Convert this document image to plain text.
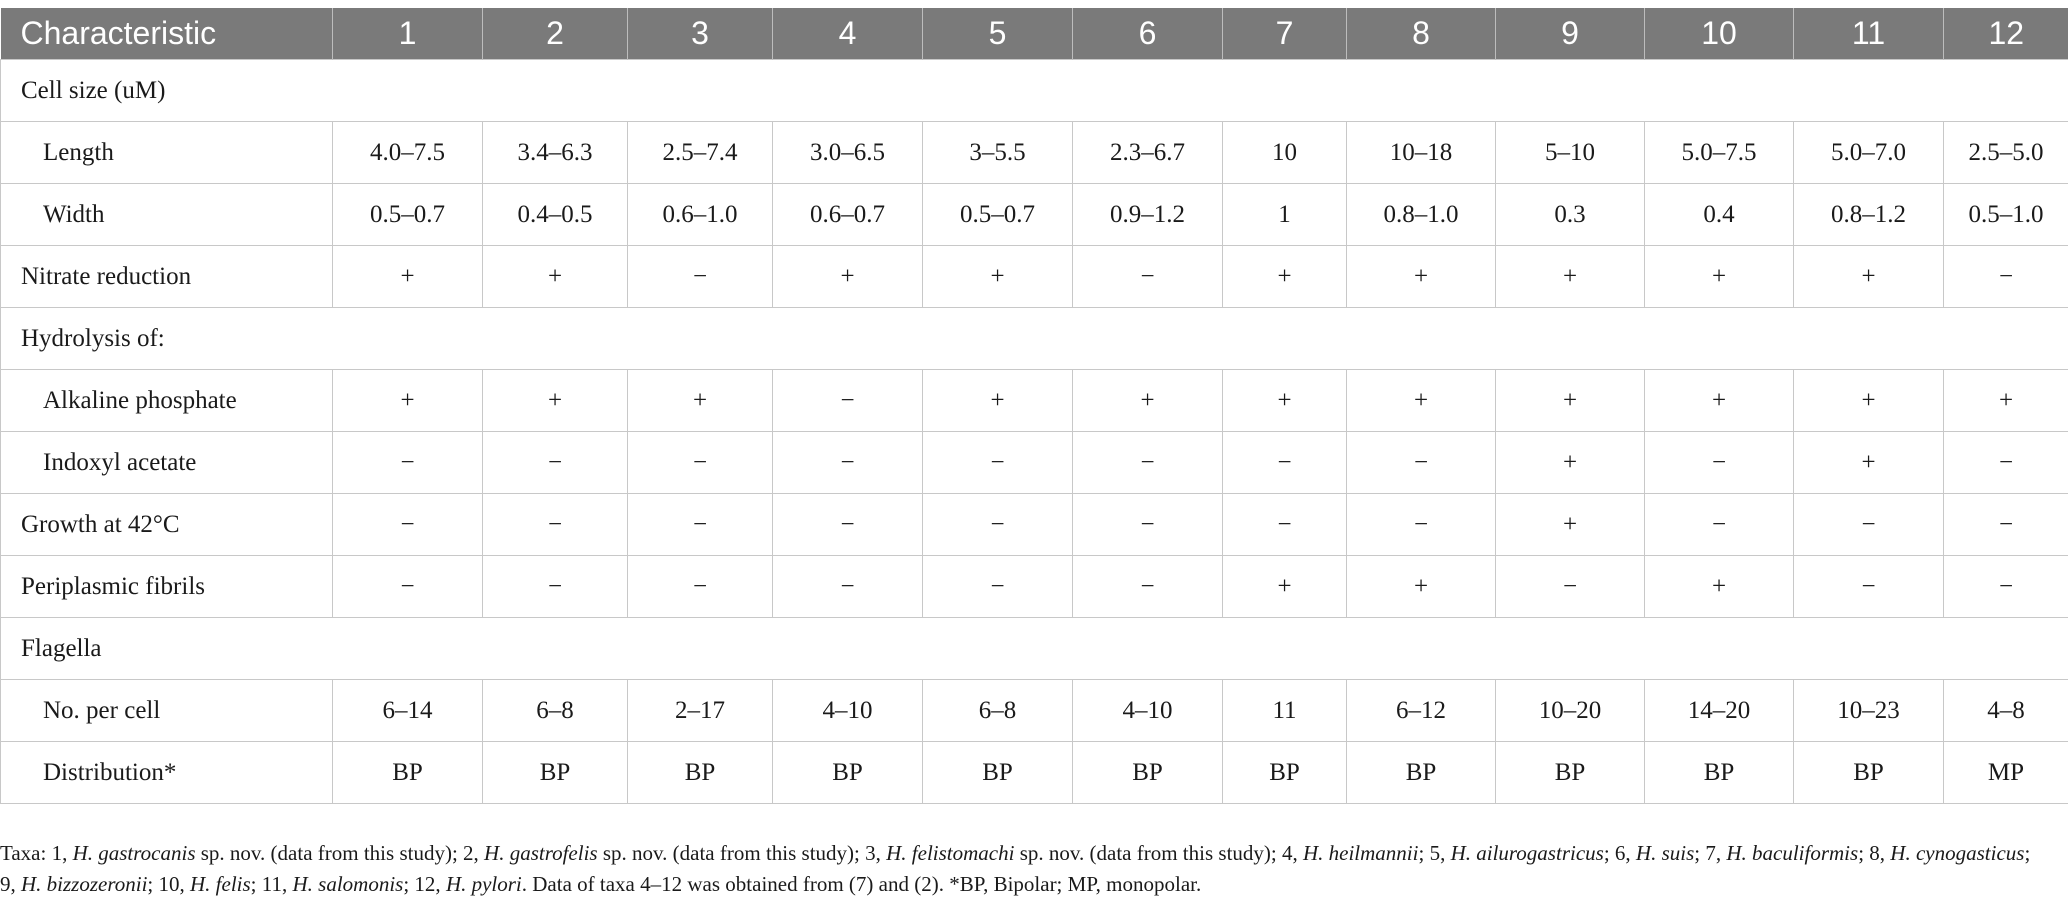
Characteristic	1	2	3	4	5	6	7	8	9	10	11	12
Cell size (uM)												
Length	4.0–7.5	3.4–6.3	2.5–7.4	3.0–6.5	3–5.5	2.3–6.7	10	10–18	5–10	5.0–7.5	5.0–7.0	2.5–5.0
Width	0.5–0.7	0.4–0.5	0.6–1.0	0.6–0.7	0.5–0.7	0.9–1.2	1	0.8–1.0	0.3	0.4	0.8–1.2	0.5–1.0
Nitrate reduction	+	+	−	+	+	−	+	+	+	+	+	−
Hydrolysis of:												
Alkaline phosphate	+	+	+	−	+	+	+	+	+	+	+	+
Indoxyl acetate	−	−	−	−	−	−	−	−	+	−	+	−
Growth at 42°C	−	−	−	−	−	−	−	−	+	−	−	−
Periplasmic fibrils	−	−	−	−	−	−	+	+	−	+	−	−
Flagella												
No. per cell	6–14	6–8	2–17	4–10	6–8	4–10	11	6–12	10–20	14–20	10–23	4–8
Distribution*	BP	BP	BP	BP	BP	BP	BP	BP	BP	BP	BP	MP
Taxa: 1, H. gastrocanis sp. nov. (data from this study); 2, H. gastrofelis sp. nov. (data from this study); 3, H. felistomachi sp. nov. (data from this study); 4, H. heilmannii; 5, H. ailurogastricus; 6, H. suis; 7, H. baculiformis; 8, H. cynogasticus; 9, H. bizzozeronii; 10, H. felis; 11, H. salomonis; 12, H. pylori. Data of taxa 4–12 was obtained from (7) and (2). *BP, Bipolar; MP, monopolar.
